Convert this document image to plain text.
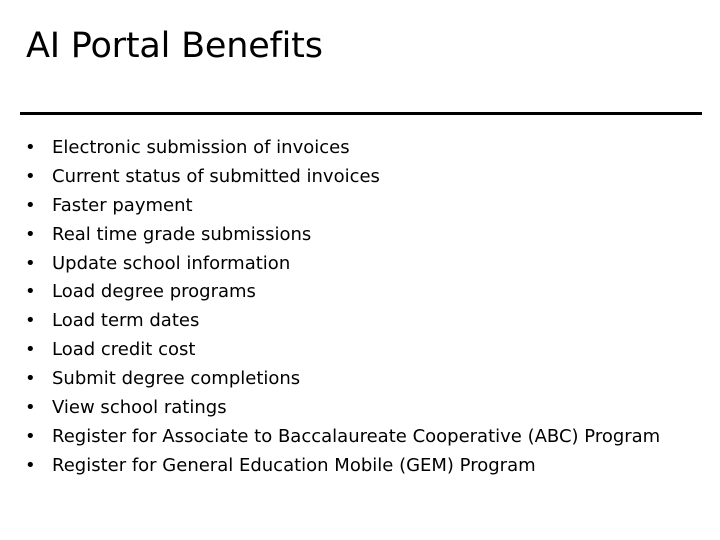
AI Portal Benefits
• Electronic submission of invoices
• Current status of submitted invoices
• Faster payment
• Real time grade submissions
• Update school information
• Load degree programs
• Load term dates
• Load credit cost
• Submit degree completions
• View school ratings
• Register for Associate to Baccalaureate Cooperative (ABC) Program
• Register for General Education Mobile (GEM) Program
